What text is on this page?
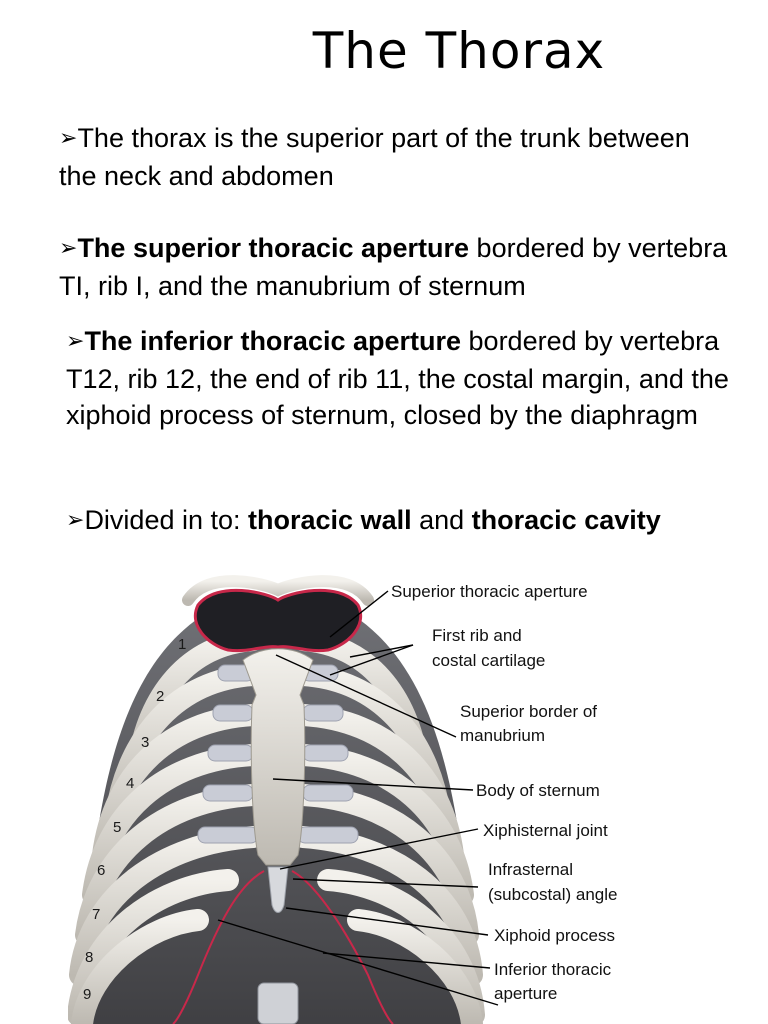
The Thorax

➢The thorax is the superior part of the trunk between the neck and abdomen

➢The superior thoracic aperture bordered by vertebra TI, rib I, and the manubrium of sternum

➢The inferior thoracic aperture bordered by vertebra T12, rib 12, the end of rib 11, the costal margin, and the xiphoid process of sternum, closed by the diaphragm

➢Divided in to: thoracic wall and thoracic cavity

1
2
3
4
5
6
7
8
9
Superior thoracic aperture
First rib and
costal cartilage
Superior border of
manubrium
Body of sternum
Xiphisternal joint
Infrasternal
(subcostal) angle
Xiphoid process
Inferior thoracic
aperture
